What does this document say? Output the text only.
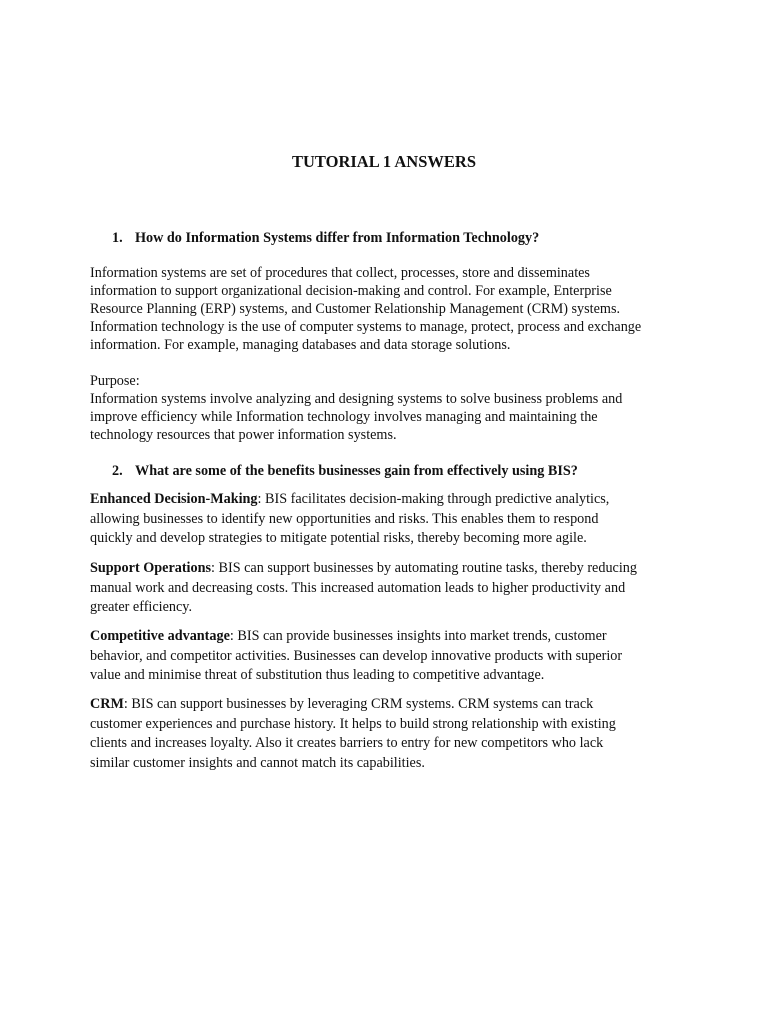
TUTORIAL 1 ANSWERS

1. How do Information Systems differ from Information Technology?

Information systems are set of procedures that collect, processes, store and disseminates

information to support organizational decision-making and control. For example, Enterprise

Resource Planning (ERP) systems, and Customer Relationship Management (CRM) systems.

Information technology is the use of computer systems to manage, protect, process and exchange

information. For example, managing databases and data storage solutions.

Purpose:

Information systems involve analyzing and designing systems to solve business problems and

improve efficiency while Information technology involves managing and maintaining the

technology resources that power information systems.

2. What are some of the benefits businesses gain from effectively using BIS?

Enhanced Decision-Making: BIS facilitates decision-making through predictive analytics,
allowing businesses to identify new opportunities and risks. This enables them to respond
quickly and develop strategies to mitigate potential risks, thereby becoming more agile.
Support Operations: BIS can support businesses by automating routine tasks, thereby reducing
manual work and decreasing costs. This increased automation leads to higher productivity and
greater efficiency.
Competitive advantage: BIS can provide businesses insights into market trends, customer
behavior, and competitor activities. Businesses can develop innovative products with superior
value and minimise threat of substitution thus leading to competitive advantage.
CRM: BIS can support businesses by leveraging CRM systems. CRM systems can track
customer experiences and purchase history. It helps to build strong relationship with existing
clients and increases loyalty. Also it creates barriers to entry for new competitors who lack
similar customer insights and cannot match its capabilities.
